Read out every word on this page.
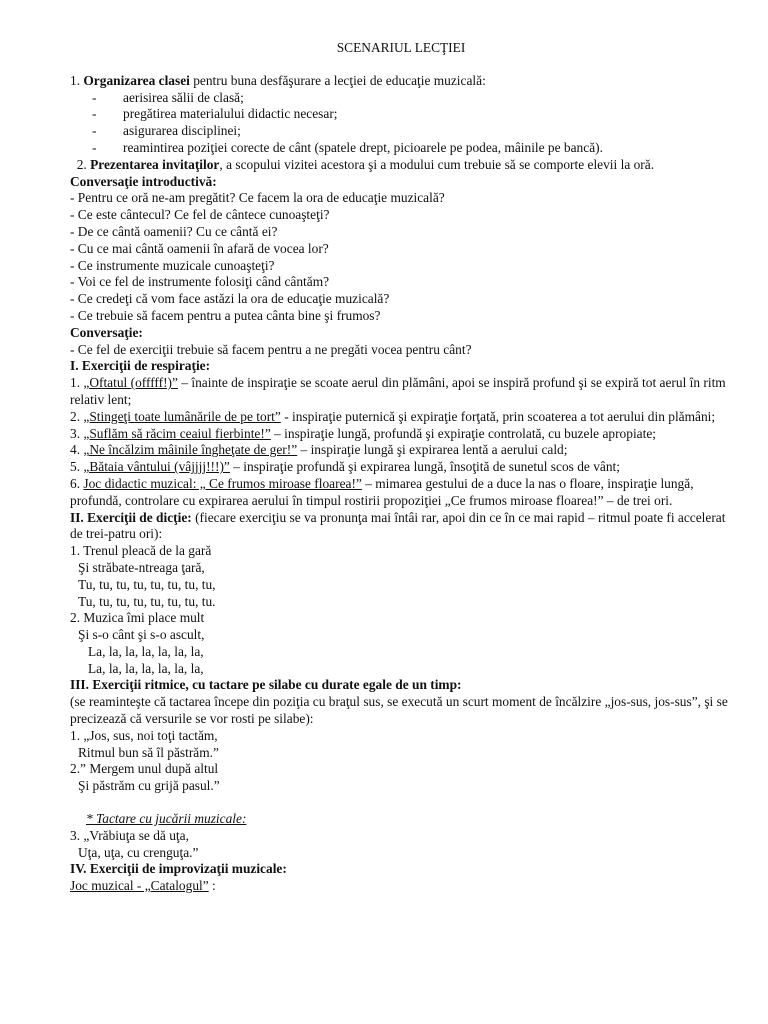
SCENARIUL LECŢIEI

1. Organizarea clasei pentru buna desfăşurare a lecţiei de educaţie muzicală:

-	aerisirea sălii de clasă;
-	pregătirea materialului didactic necesar;
-	asigurarea disciplinei;
-	reamintirea poziţiei corecte de cânt (spatele drept, picioarele pe podea, mâinile pe bancă).

2. Prezentarea invitaţilor, a scopului vizitei acestora şi a modului cum trebuie să se comporte elevii la oră.

Conversaţie introductivă:

- Pentru ce oră ne-am pregătit? Ce facem la ora de educaţie muzicală?

- Ce este cântecul? Ce fel de cântece cunoaşteţi?

- De ce cântă oamenii? Cu ce cântă ei?

- Cu ce mai cântă oamenii în afară de vocea lor?

- Ce instrumente muzicale cunoaşteţi?

- Voi ce fel de instrumente folosiţi când cântăm?

- Ce credeţi că vom face astăzi la ora de educaţie muzicală?

- Ce trebuie să facem pentru a putea cânta bine şi frumos?

Conversaţie:

- Ce fel de exerciţii trebuie să facem pentru a ne pregăti vocea pentru cânt?

I. Exerciţii de respiraţie:

1. „Oftatul (offfff!)” – înainte de inspiraţie se scoate aerul din plămâni, apoi se inspiră profund şi se expiră tot aerul în ritm relativ lent;

2. „Stingeţi toate lumânările de pe tort” - inspiraţie puternică şi expiraţie forţată, prin scoaterea a tot aerului din plămâni;

3. „Suflăm să răcim ceaiul fierbinte!” – inspiraţie lungă, profundă şi expiraţie controlată, cu buzele apropiate;

4. „Ne încălzim mâinile îngheţate de ger!” – inspiraţie lungă şi expirarea lentă a aerului cald;

5. „Bătaia vântului (vâjjjj!!!)” – inspiraţie profundă şi expirarea lungă, însoţită de sunetul scos de vânt;

6. Joc didactic muzical: „ Ce frumos miroase floarea!” – mimarea gestului de a duce la nas o floare, inspiraţie lungă, profundă, controlare cu expirarea aerului în timpul rostirii propoziţiei „Ce frumos miroase floarea!” – de trei ori.

II. Exerciţii de dicţie: (fiecare exerciţiu se va pronunţa mai întâi rar, apoi din ce în ce mai rapid – ritmul poate fi accelerat de trei-patru ori):

1. Trenul pleacă de la gară

Şi străbate-ntreaga ţară,

Tu, tu, tu, tu, tu, tu, tu, tu,

Tu, tu, tu, tu, tu, tu, tu, tu.

2. Muzica îmi place mult

Şi s-o cânt şi s-o ascult,

La, la, la, la, la, la, la,

La, la, la, la, la, la, la,

III. Exerciţii ritmice, cu tactare pe silabe cu durate egale de un timp:

(se reaminteşte că tactarea începe din poziţia cu braţul sus, se execută un scurt moment de încălzire „jos-sus, jos-sus”, şi se precizează că versurile se vor rosti pe silabe):

1. „Jos, sus, noi toţi tactăm,

Ritmul bun să îl păstrăm.”

2.” Mergem unul după altul

Şi păstrăm cu grijă pasul.”

* Tactare cu jucării muzicale:

3. „Vrăbiuţa se dă uţa,

Uţa, uţa, cu crenguţa.”

IV. Exerciţii de improvizaţii muzicale:

Joc muzical - „Catalogul” :
